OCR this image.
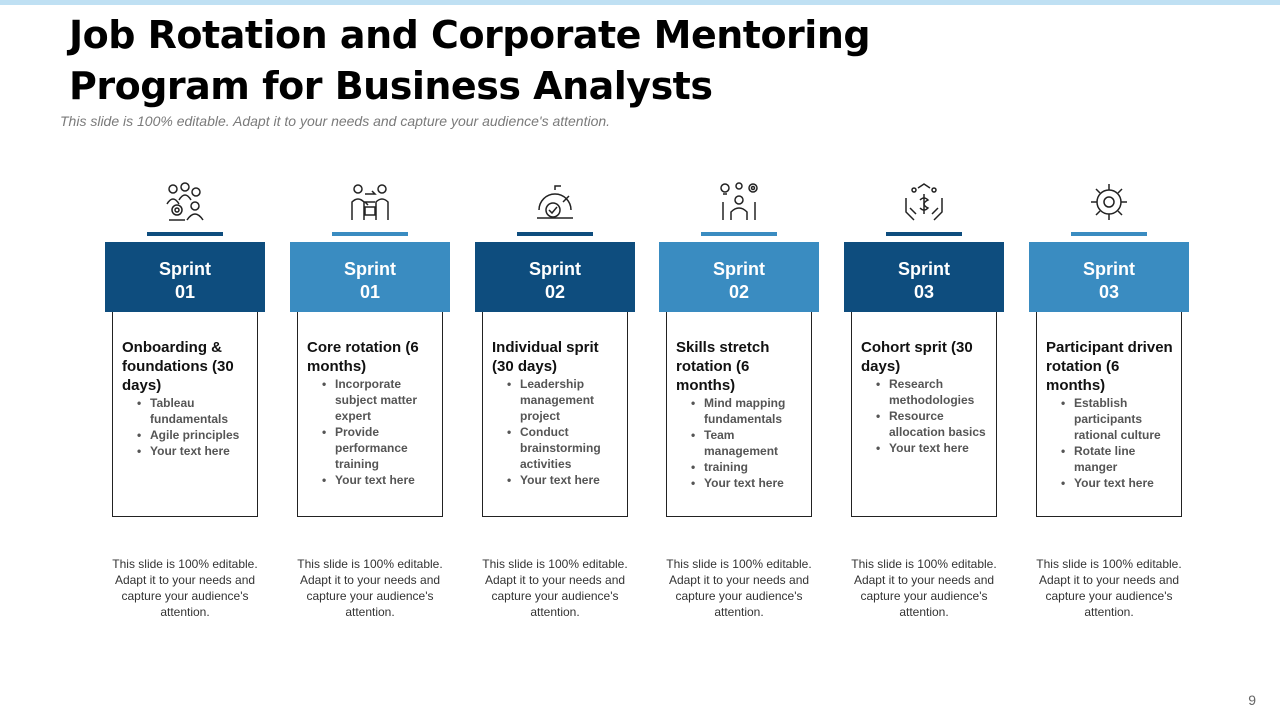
Job Rotation and Corporate Mentoring
Program for Business Analysts
This slide is 100% editable. Adapt it to your needs and capture your audience's attention.
Sprint
01
Onboarding & foundations (30 days)
• Tableau fundamentals
• Agile principles
• Your text here
This slide is 100% editable. Adapt it to your needs and capture your audience's attention.
Sprint
01
Core rotation (6 months)
• Incorporate subject matter expert
• Provide performance training
• Your text here
This slide is 100% editable. Adapt it to your needs and capture your audience's attention.
Sprint
02
Individual sprit (30 days)
• Leadership management project
• Conduct brainstorming activities
• Your text here
This slide is 100% editable. Adapt it to your needs and capture your audience's attention.
Sprint
02
Skills stretch rotation (6 months)
• Mind mapping fundamentals
• Team management
• training
• Your text here
This slide is 100% editable. Adapt it to your needs and capture your audience's attention.
Sprint
03
Cohort sprit (30 days)
• Research methodologies
• Resource allocation basics
• Your text here
This slide is 100% editable. Adapt it to your needs and capture your audience's attention.
Sprint
03
Participant driven rotation (6 months)
• Establish participants rational culture
• Rotate line manger
• Your text here
This slide is 100% editable. Adapt it to your needs and capture your audience's attention.
9
